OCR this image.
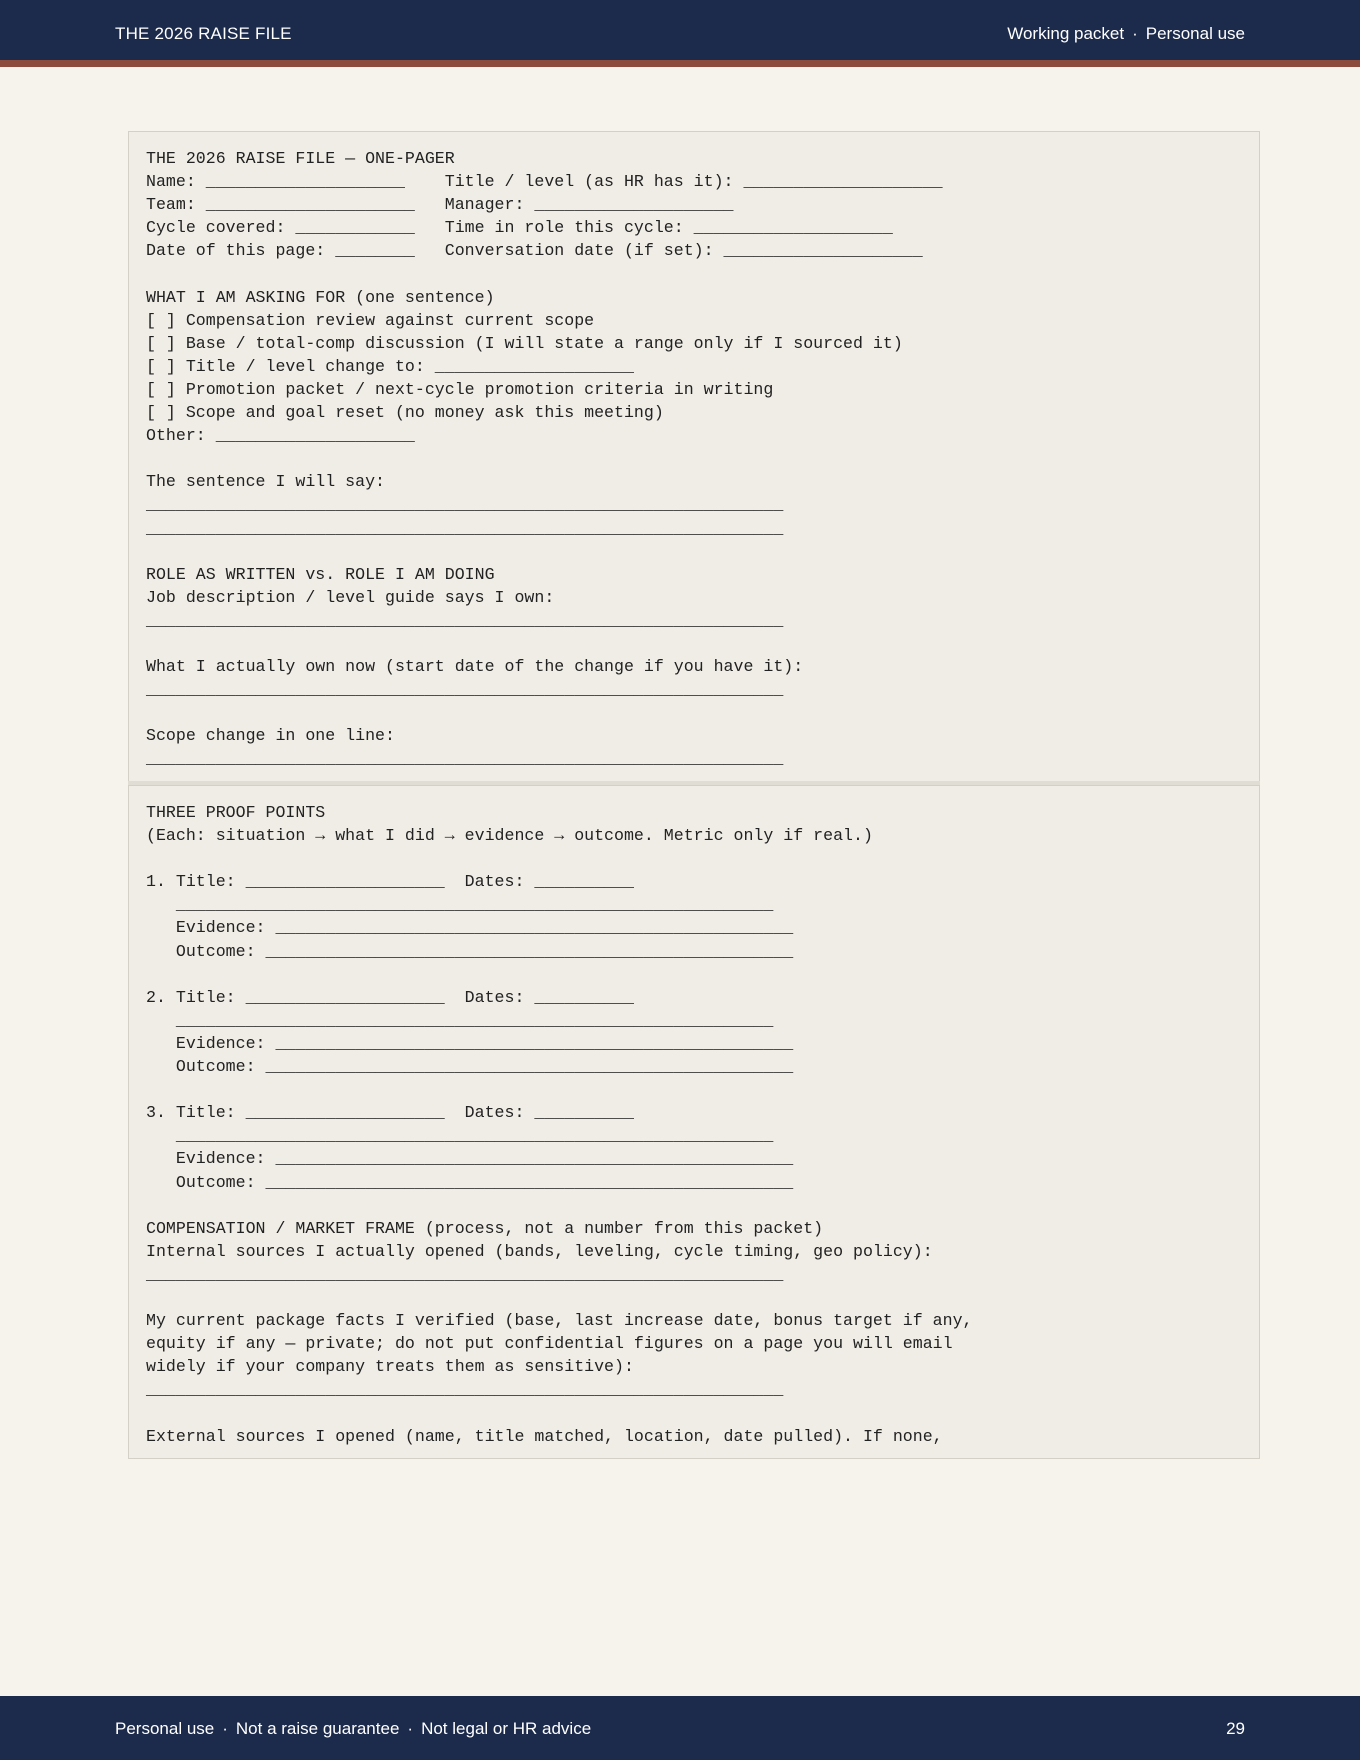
THE 2026 RAISE FILE	Working packet · Personal use
THE 2026 RAISE FILE — ONE-PAGER
Name: ____________________    Title / level (as HR has it): ____________________
Team: _____________________   Manager: ____________________
Cycle covered: ____________   Time in role this cycle: ____________________
Date of this page: ________   Conversation date (if set): ____________________

WHAT I AM ASKING FOR (one sentence)
[ ] Compensation review against current scope
[ ] Base / total-comp discussion (I will state a range only if I sourced it)
[ ] Title / level change to: ____________________
[ ] Promotion packet / next-cycle promotion criteria in writing
[ ] Scope and goal reset (no money ask this meeting)
Other: ____________________

The sentence I will say:
________________________________________________________________
________________________________________________________________

ROLE AS WRITTEN vs. ROLE I AM DOING
Job description / level guide says I own:
________________________________________________________________

What I actually own now (start date of the change if you have it):
________________________________________________________________

Scope change in one line:
________________________________________________________________
THREE PROOF POINTS
(Each: situation → what I did → evidence → outcome. Metric only if real.)

1. Title: ____________________  Dates: __________
____________________________________________________________
Evidence: ____________________________________________________
Outcome: _____________________________________________________

2. Title: ____________________  Dates: __________
____________________________________________________________
Evidence: ____________________________________________________
Outcome: _____________________________________________________

3. Title: ____________________  Dates: __________
____________________________________________________________
Evidence: ____________________________________________________
Outcome: _____________________________________________________

COMPENSATION / MARKET FRAME (process, not a number from this packet)
Internal sources I actually opened (bands, leveling, cycle timing, geo policy):
________________________________________________________________

My current package facts I verified (base, last increase date, bonus target if any,
equity if any — private; do not put confidential figures on a page you will email
widely if your company treats them as sensitive):
________________________________________________________________

External sources I opened (name, title matched, location, date pulled). If none,
Personal use · Not a raise guarantee · Not legal or HR advice	29
